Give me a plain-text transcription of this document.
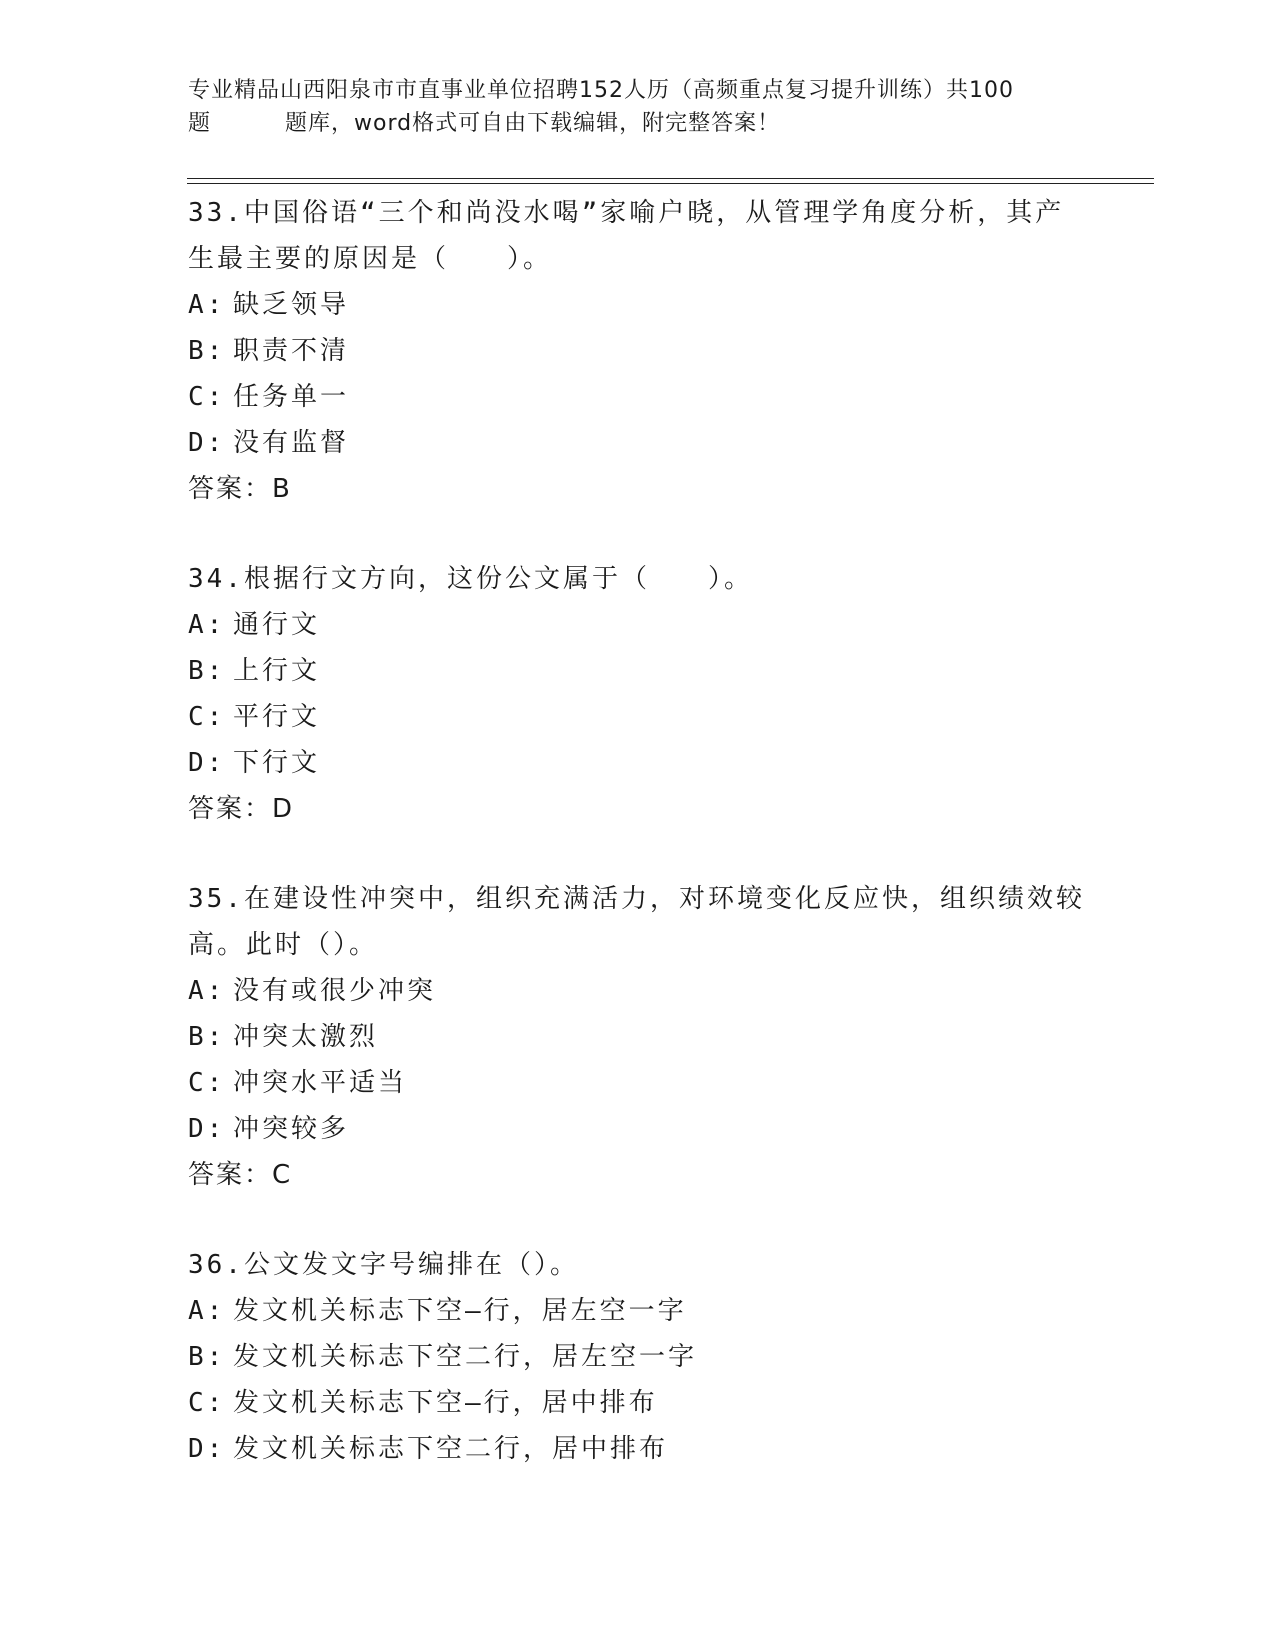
专业精品山西阳泉市市直事业单位招聘152人历（高频重点复习提升训练）共100
题	题库，word格式可自由下载编辑，附完整答案！
33.中国俗语“三个和尚没水喝”家喻户晓，从管理学角度分析，其产
生最主要的原因是（　　）。
A: 缺乏领导
B: 职责不清
C: 任务单一
D: 没有监督
答案：B
34.根据行文方向，这份公文属于（　　）。
A: 通行文
B: 上行文
C: 平行文
D: 下行文
答案：D
35.在建设性冲突中，组织充满活力，对环境变化反应快，组织绩效较
高。此时（）。
A: 没有或很少冲突
B: 冲突太激烈
C: 冲突水平适当
D: 冲突较多
答案：C
36.公文发文字号编排在（）。
A: 发文机关标志下空—行，居左空一字
B: 发文机关标志下空二行，居左空一字
C: 发文机关标志下空—行，居中排布
D: 发文机关标志下空二行，居中排布
